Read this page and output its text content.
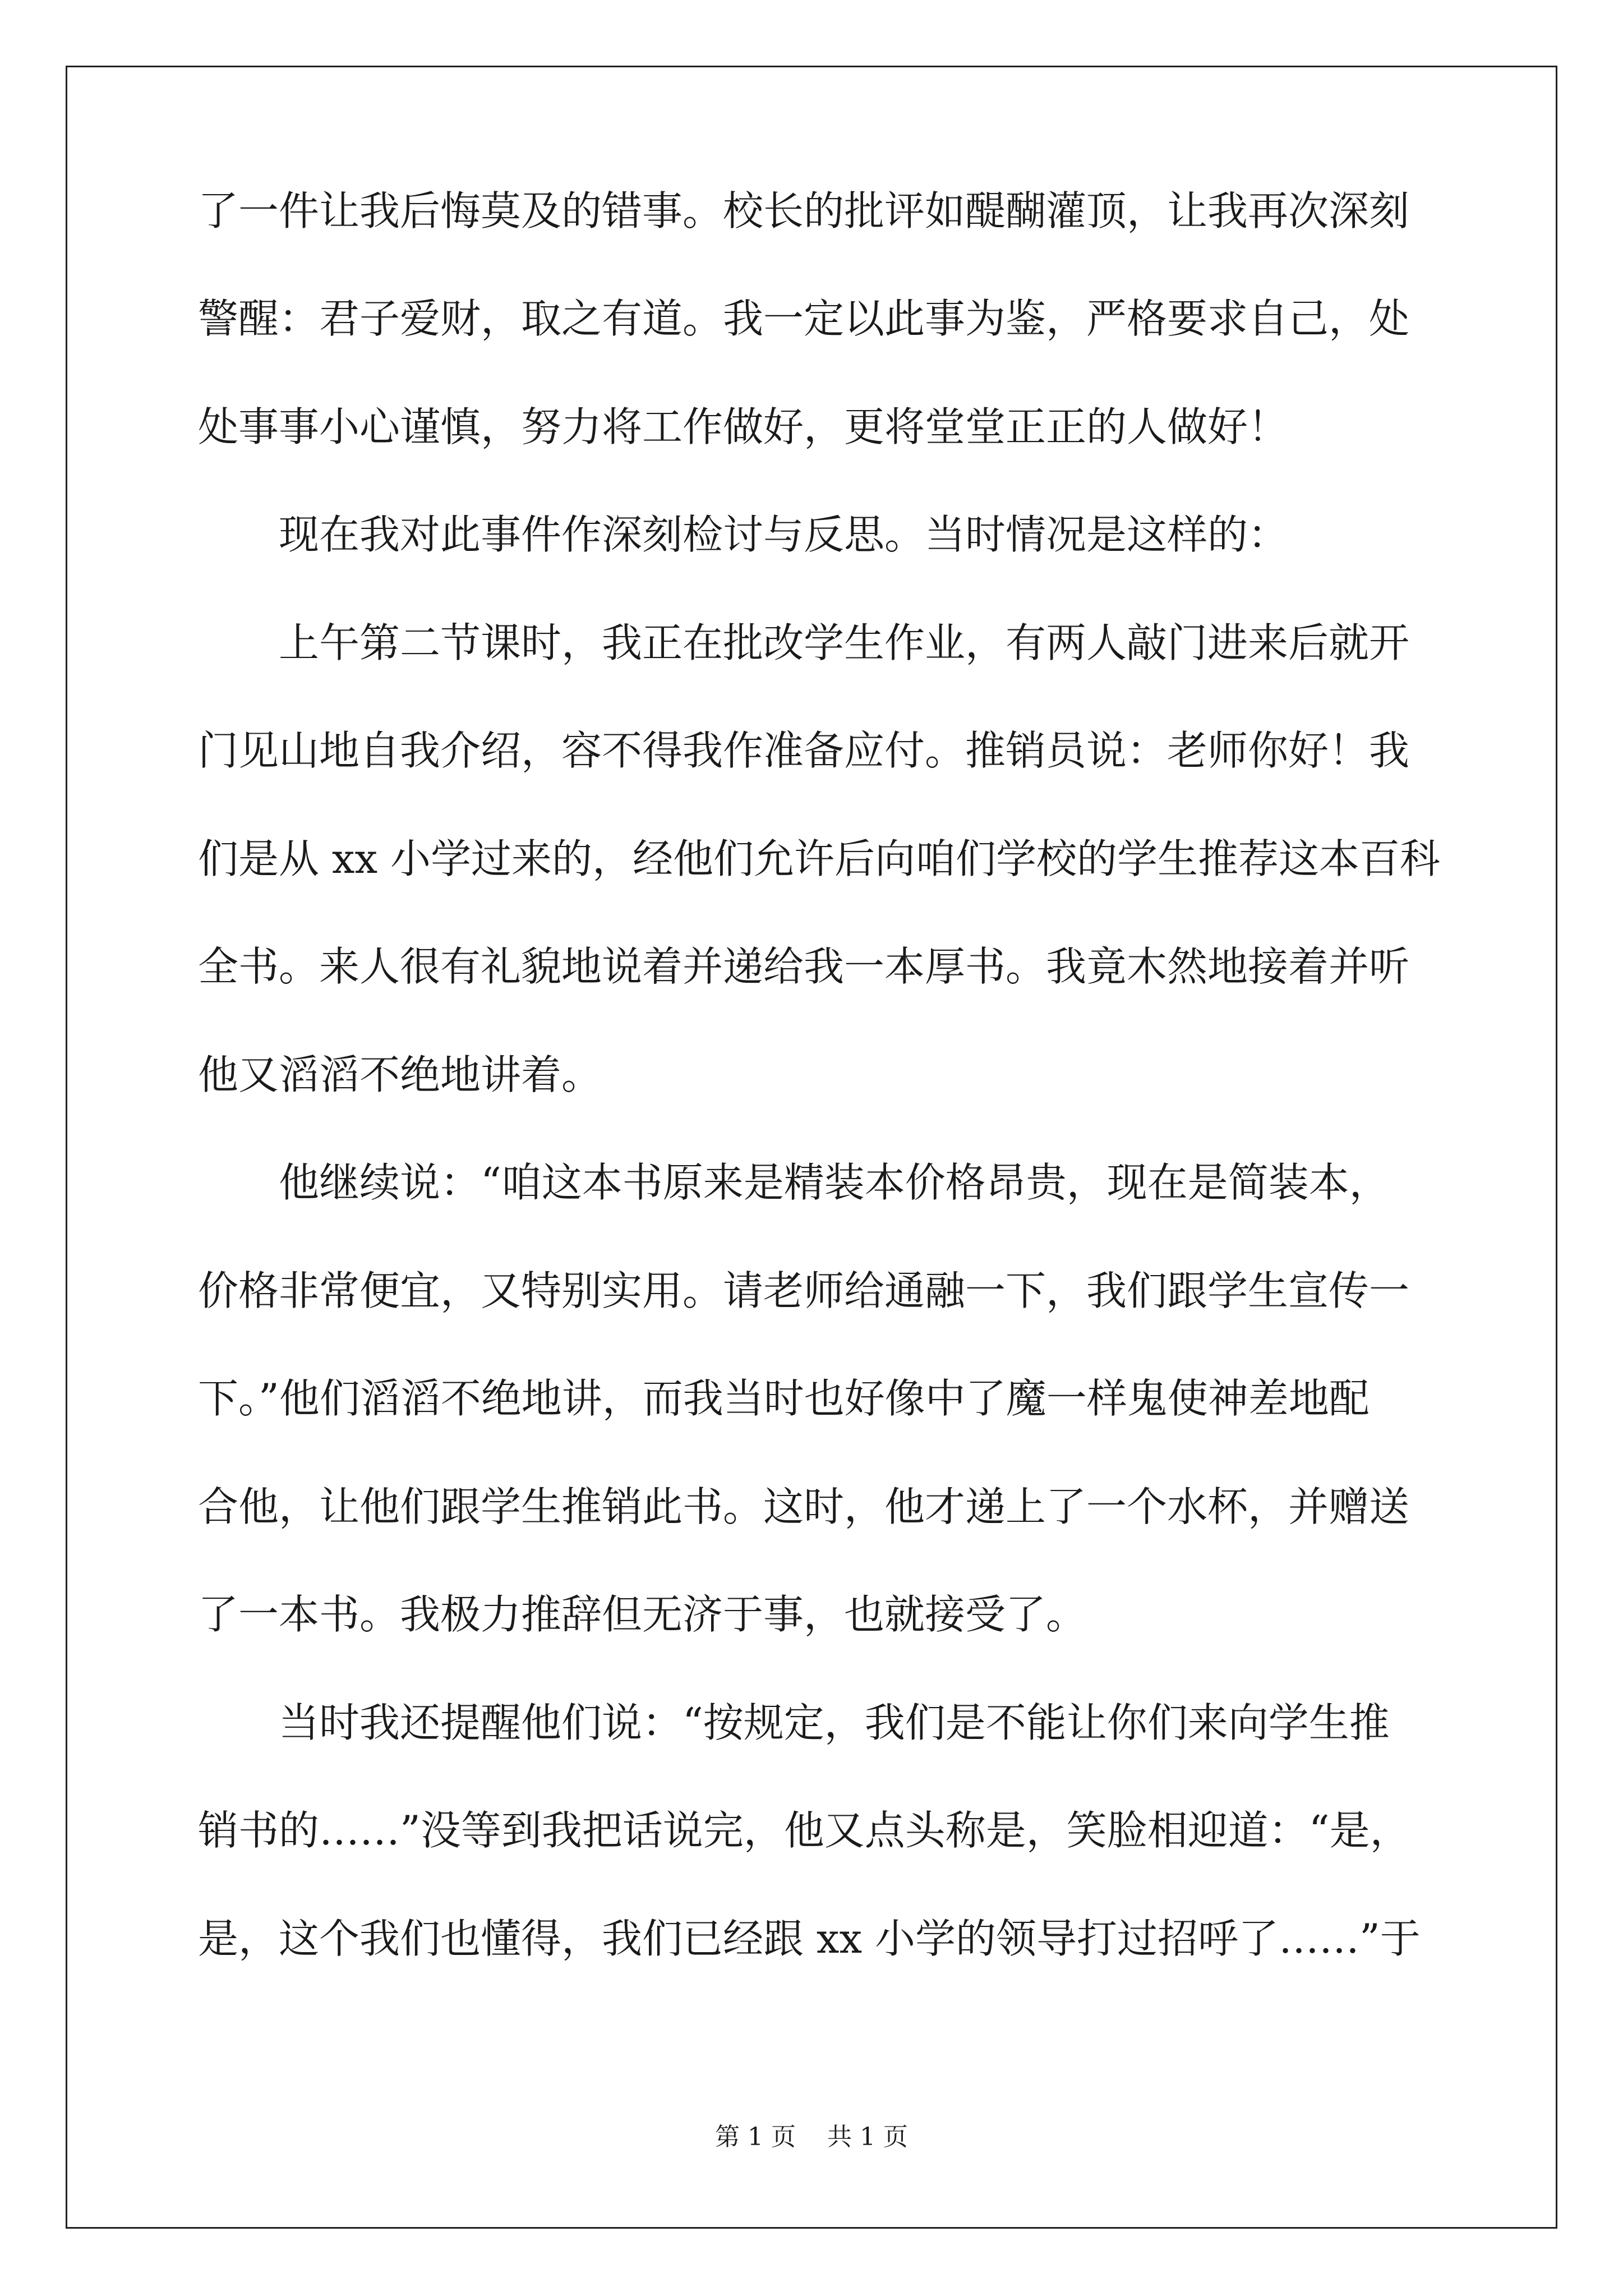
了一件让我后悔莫及的错事。校长的批评如醍醐灌顶，让我再次深刻
警醒：君子爱财，取之有道。我一定以此事为鉴，严格要求自己，处
处事事小心谨慎，努力将工作做好，更将堂堂正正的人做好！
现在我对此事件作深刻检讨与反思。当时情况是这样的：
上午第二节课时，我正在批改学生作业，有两人敲门进来后就开
门见山地自我介绍，容不得我作准备应付。推销员说：老师你好！我
们是从 xx 小学过来的，经他们允许后向咱们学校的学生推荐这本百科
全书。来人很有礼貌地说着并递给我一本厚书。我竟木然地接着并听
他又滔滔不绝地讲着。
他继续说：“咱这本书原来是精装本价格昂贵，现在是简装本，
价格非常便宜，又特别实用。请老师给通融一下，我们跟学生宣传一
下。”他们滔滔不绝地讲，而我当时也好像中了魔一样鬼使神差地配
合他，让他们跟学生推销此书。这时，他才递上了一个水杯，并赠送
了一本书。我极力推辞但无济于事，也就接受了。
当时我还提醒他们说：“按规定，我们是不能让你们来向学生推
销书的……”没等到我把话说完，他又点头称是，笑脸相迎道：“是，
是，这个我们也懂得，我们已经跟 xx 小学的领导打过招呼了……”于
第 1 页    共 1 页
